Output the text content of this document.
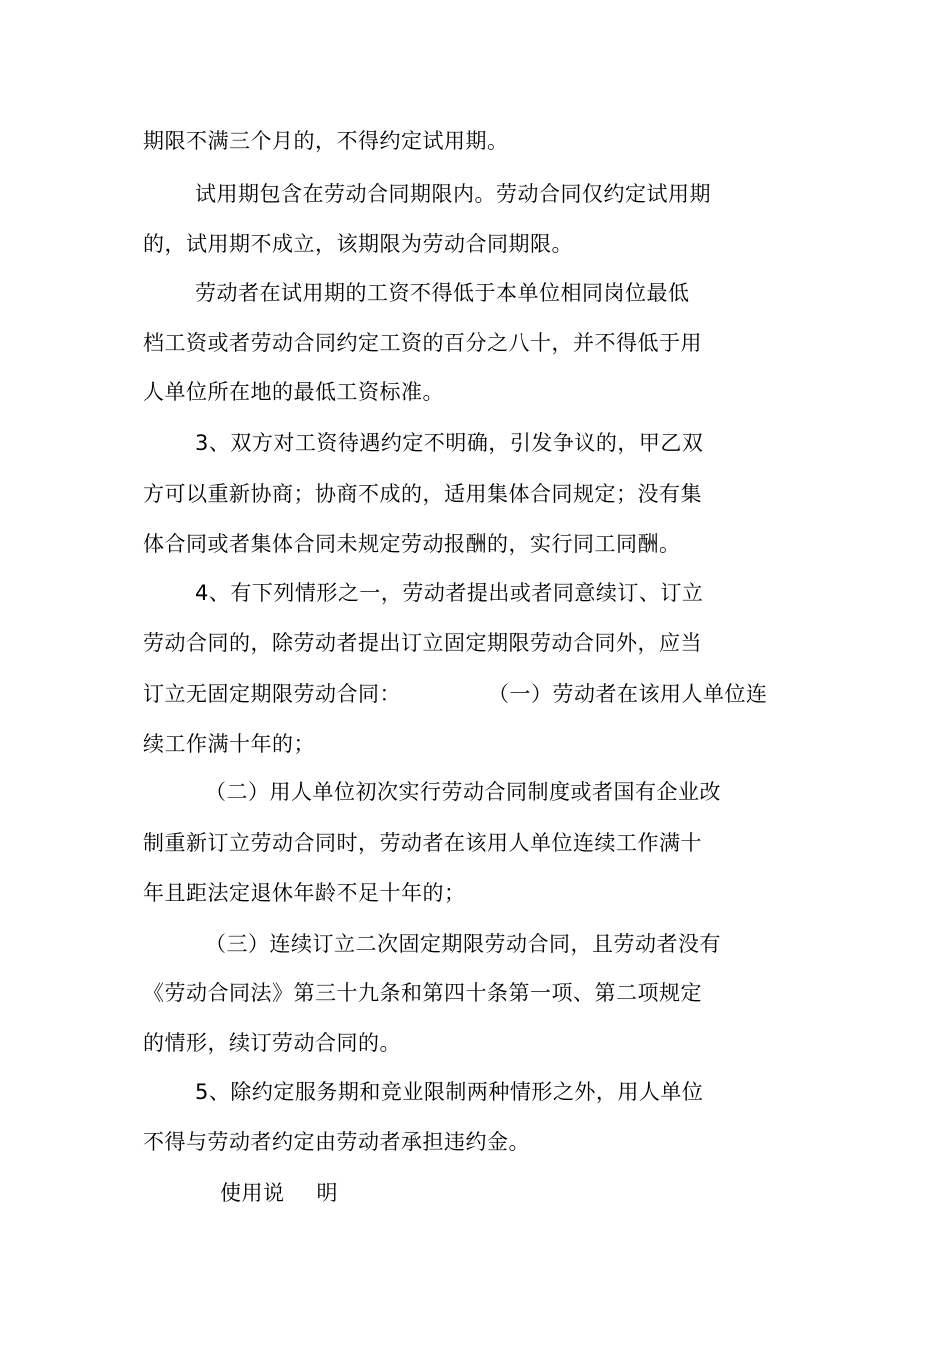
期限不满三个月的，不得约定试用期。
试用期包含在劳动合同期限内。劳动合同仅约定试用期
的，试用期不成立，该期限为劳动合同期限。
劳动者在试用期的工资不得低于本单位相同岗位最低
档工资或者劳动合同约定工资的百分之八十，并不得低于用
人单位所在地的最低工资标准。
3、双方对工资待遇约定不明确，引发争议的，甲乙双
方可以重新协商；协商不成的，适用集体合同规定；没有集
体合同或者集体合同未规定劳动报酬的，实行同工同酬。
4、有下列情形之一，劳动者提出或者同意续订、订立
劳动合同的，除劳动者提出订立固定期限劳动合同外，应当
订立无固定期限劳动合同：	（一）劳动者在该用人单位连
续工作满十年的；
（二）用人单位初次实行劳动合同制度或者国有企业改
制重新订立劳动合同时，劳动者在该用人单位连续工作满十
年且距法定退休年龄不足十年的；
（三）连续订立二次固定期限劳动合同，且劳动者没有
《劳动合同法》第三十九条和第四十条第一项、第二项规定
的情形，续订劳动合同的。
5、除约定服务期和竞业限制两种情形之外，用人单位
不得与劳动者约定由劳动者承担违约金。
使用说 明
